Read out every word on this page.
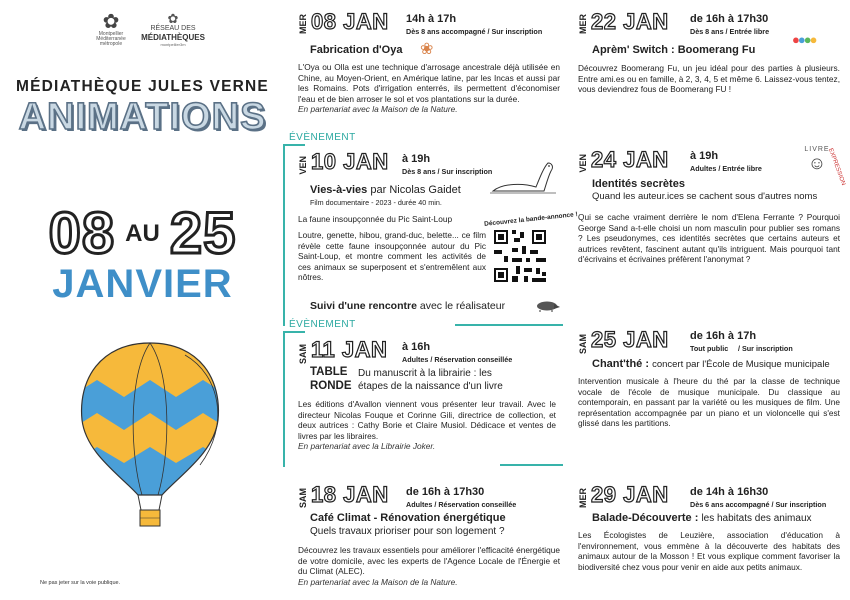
✿
Montpellier
Méditerranée
métropole
✿
RÉSEAU DES
MÉDIATHÈQUES
montpellier3m
MÉDIATHÈQUE JULES VERNE
ANIMATIONS
08 AU 25
JANVIER
Ne pas jeter sur la voie publique.
MER 08 JAN 14h à 17h
Dès 8 ans accompagné / Sur inscription
Fabrication d'Oya ❀
L'Oya ou Olla est une technique d'arrosage ancestrale déjà utilisée en Chine, au Moyen-Orient, en Amérique latine, par les Incas et aussi par les Romains. Pots d'irrigation enterrés, ils permettent d'économiser l'eau et de bien arroser le sol et vos plantations sur la durée.
En partenariat avec la Maison de la Nature.
ÉVÈNEMENT
VEN 10 JAN à 19h
Dès 8 ans / Sur inscription
Vies-à-vies par Nicolas Gaidet
Film documentaire - 2023 - durée 40 min.
La faune insoupçonnée du Pic Saint-Loup
Loutre, genette, hibou, grand-duc, belette... ce film révèle cette faune insoupçonnée autour du Pic Saint-Loup, et montre comment les activités de ces animaux se superposent et s'entremêlent aux nôtres.
Découvrez la bande-annonce !
Suivi d'une rencontre avec le réalisateur
ÉVÈNEMENT
SAM 11 JAN à 16h
Adultes / Réservation conseillée
TABLE
RONDE
Du manuscrit à la librairie : les
étapes de la naissance d'un livre
Les éditions d'Avallon viennent vous présenter leur travail. Avec le directeur Nicolas Fouque et Corinne Gili, directrice de collection, et deux autrices : Cathy Borie et Claire Musiol. Dédicace et ventes de livres par les libraires.
En partenariat avec la Librairie Joker.
SAM 18 JAN de 16h à 17h30
Adultes / Réservation conseillée
Café Climat - Rénovation énergétique
Quels travaux prioriser pour son logement ?
Découvrez les travaux essentiels pour améliorer l'efficacité énergétique de votre domicile, avec les experts de l'Agence Locale de l'Énergie et du Climat (ALEC).
En partenariat avec la Maison de la Nature.
MER 22 JAN de 16h à 17h30
Dès 8 ans / Entrée libre
Aprèm' Switch : Boomerang Fu
●●●●
Découvrez Boomerang Fu, un jeu idéal pour des parties à plusieurs. Entre ami.es ou en famille, à 2, 3, 4, 5 et même 6. Laissez-vous tentez, vous deviendrez fous de Boomerang FU !
VEN 24 JAN à 19h
Adultes / Entrée libre
Identités secrètes
Quand les auteur.ices se cachent sous d'autres noms
LIVRE
EXPRESSION
☺
Qui se cache vraiment derrière le nom d'Elena Ferrante ? Pourquoi George Sand a-t-elle choisi un nom masculin pour publier ses romans ? Les pseudonymes, ces identités secrètes que certains auteurs et autrices revêtent, fascinent autant qu'ils intriguent. Mais pourquoi tant d'écrivains et écrivaines préfèrent l'anonymat ?
SAM 25 JAN de 16h à 17h
Tout public / Sur inscription
Chant'thé : concert par l'École de Musique municipale
Intervention musicale à l'heure du thé par la classe de technique vocale de l'école de musique municipale. Du classique au contemporain, en passant par la variété ou les musiques de film. Une représentation accompagnée par un piano et un violoncelle qui s'est glissé dans les partitions.
MER 29 JAN de 14h à 16h30
Dès 6 ans accompagné / Sur inscription
Balade-Découverte : les habitats des animaux
Les Écologistes de Leuzière, association d'éducation à l'environnement, vous emmène à la découverte des habitats des animaux autour de la Mosson ! Et vous explique comment favoriser la biodiversité chez vous pour venir en aide aux petits animaux.
